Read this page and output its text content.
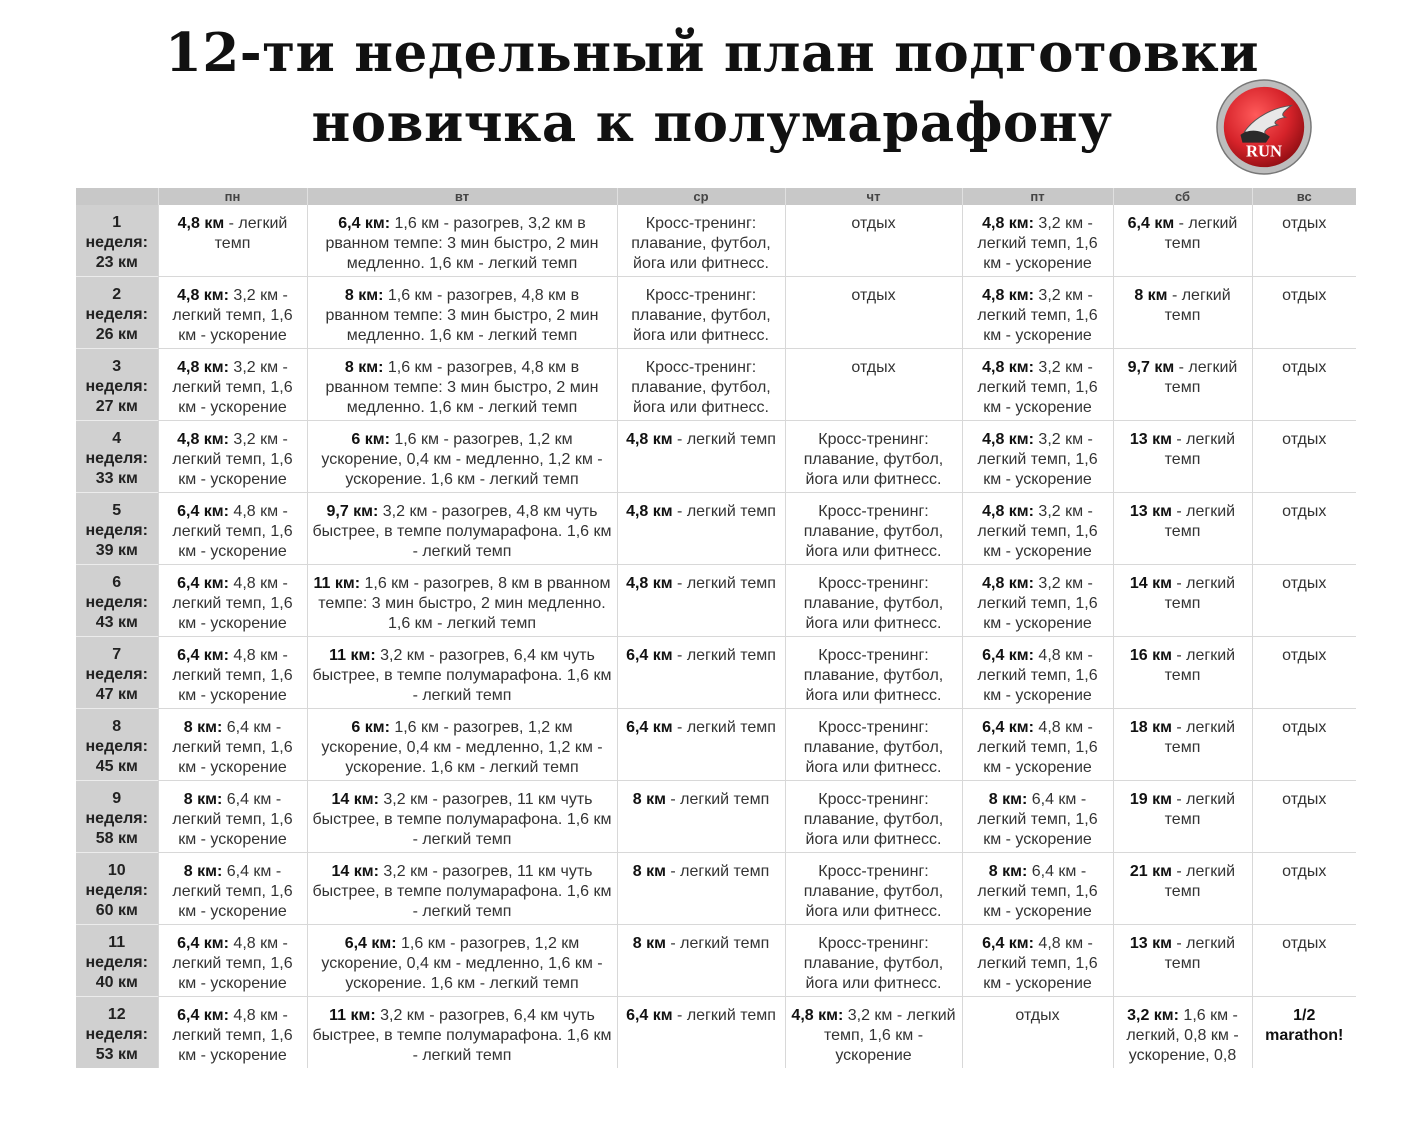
12-ти недельный план подготовки
новичка к полумарафону	RUN
	пн	вт	ср	чт	пт	сб	вс

1
неделя:
23 км	4,8 км - легкий темп	6,4 км: 1,6 км - разогрев, 3,2 км в рванном темпе: 3 мин быстро, 2 мин медленно. 1,6 км - легкий темп	Кросс-тренинг: плавание, футбол, йога или фитнесс.	отдых	4,8 км: 3,2 км - легкий темп, 1,6 км - ускорение	6,4 км - легкий темп	отдых

2
неделя:
26 км	4,8 км: 3,2 км - легкий темп, 1,6 км - ускорение	8 км: 1,6 км - разогрев, 4,8 км в рванном темпе: 3 мин быстро, 2 мин медленно. 1,6 км - легкий темп	Кросс-тренинг: плавание, футбол, йога или фитнесс.	отдых	4,8 км: 3,2 км - легкий темп, 1,6 км - ускорение	8 км - легкий темп	отдых

3
неделя:
27 км	4,8 км: 3,2 км - легкий темп, 1,6 км - ускорение	8 км: 1,6 км - разогрев, 4,8 км в рванном темпе: 3 мин быстро, 2 мин медленно. 1,6 км - легкий темп	Кросс-тренинг: плавание, футбол, йога или фитнесс.	отдых	4,8 км: 3,2 км - легкий темп, 1,6 км - ускорение	9,7 км - легкий темп	отдых

4
неделя:
33 км	4,8 км: 3,2 км - легкий темп, 1,6 км - ускорение	6 км: 1,6 км - разогрев, 1,2 км ускорение, 0,4 км - медленно, 1,2 км - ускорение. 1,6 км - легкий темп	4,8 км - легкий темп	Кросс-тренинг: плавание, футбол, йога или фитнесс.	4,8 км: 3,2 км - легкий темп, 1,6 км - ускорение	13 км - легкий темп	отдых

5
неделя:
39 км	6,4 км: 4,8 км - легкий темп, 1,6 км - ускорение	9,7 км: 3,2 км - разогрев, 4,8 км чуть быстрее, в темпе полумарафона. 1,6 км - легкий темп	4,8 км - легкий темп	Кросс-тренинг: плавание, футбол, йога или фитнесс.	4,8 км: 3,2 км - легкий темп, 1,6 км - ускорение	13 км - легкий темп	отдых

6
неделя:
43 км	6,4 км: 4,8 км - легкий темп, 1,6 км - ускорение	11 км: 1,6 км - разогрев, 8 км в рванном темпе: 3 мин быстро, 2 мин медленно. 1,6 км - легкий темп	4,8 км - легкий темп	Кросс-тренинг: плавание, футбол, йога или фитнесс.	4,8 км: 3,2 км - легкий темп, 1,6 км - ускорение	14 км - легкий темп	отдых

7
неделя:
47 км	6,4 км: 4,8 км - легкий темп, 1,6 км - ускорение	11 км: 3,2 км - разогрев, 6,4 км чуть быстрее, в темпе полумарафона. 1,6 км - легкий темп	6,4 км - легкий темп	Кросс-тренинг: плавание, футбол, йога или фитнесс.	6,4 км: 4,8 км - легкий темп, 1,6 км - ускорение	16 км - легкий темп	отдых

8
неделя:
45 км	8 км: 6,4 км - легкий темп, 1,6 км - ускорение	6 км: 1,6 км - разогрев, 1,2 км ускорение, 0,4 км - медленно, 1,2 км - ускорение. 1,6 км - легкий темп	6,4 км - легкий темп	Кросс-тренинг: плавание, футбол, йога или фитнесс.	6,4 км: 4,8 км - легкий темп, 1,6 км - ускорение	18 км - легкий темп	отдых

9
неделя:
58 км	8 км: 6,4 км - легкий темп, 1,6 км - ускорение	14 км: 3,2 км - разогрев, 11 км чуть быстрее, в темпе полумарафона. 1,6 км - легкий темп	8 км - легкий темп	Кросс-тренинг: плавание, футбол, йога или фитнесс.	8 км: 6,4 км - легкий темп, 1,6 км - ускорение	19 км - легкий темп	отдых

10
неделя:
60 км	8 км: 6,4 км - легкий темп, 1,6 км - ускорение	14 км: 3,2 км - разогрев, 11 км чуть быстрее, в темпе полумарафона. 1,6 км - легкий темп	8 км - легкий темп	Кросс-тренинг: плавание, футбол, йога или фитнесс.	8 км: 6,4 км - легкий темп, 1,6 км - ускорение	21 км - легкий темп	отдых

11
неделя:
40 км	6,4 км: 4,8 км - легкий темп, 1,6 км - ускорение	6,4 км: 1,6 км - разогрев, 1,2 км ускорение, 0,4 км - медленно, 1,6 км - ускорение. 1,6 км - легкий темп	8 км - легкий темп	Кросс-тренинг: плавание, футбол, йога или фитнесс.	6,4 км: 4,8 км - легкий темп, 1,6 км - ускорение	13 км - легкий темп	отдых

12
неделя:
53 км	6,4 км: 4,8 км - легкий темп, 1,6 км - ускорение	11 км: 3,2 км - разогрев, 6,4 км чуть быстрее, в темпе полумарафона. 1,6 км - легкий темп	6,4 км - легкий темп	4,8 км: 3,2 км - легкий темп, 1,6 км - ускорение	отдых	3,2 км: 1,6 км - легкий, 0,8 км - ускорение, 0,8	1/2 marathon!
